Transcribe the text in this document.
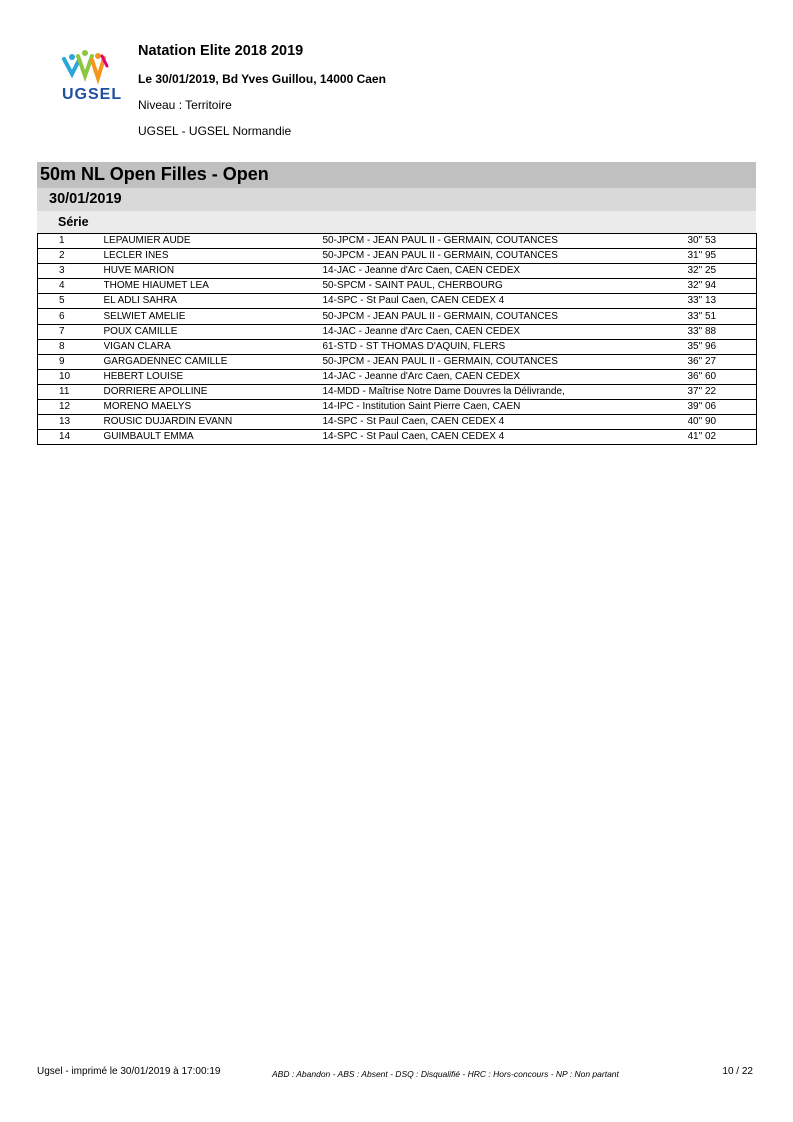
UGSEL
Natation Elite 2018 2019
Le 30/01/2019, Bd Yves Guillou, 14000 Caen
Niveau : Territoire
UGSEL - UGSEL Normandie
50m NL Open Filles - Open
30/01/2019
Série
1	LEPAUMIER AUDE	50-JPCM - JEAN PAUL II - GERMAIN, COUTANCES	30" 53
2	LECLER INES	50-JPCM - JEAN PAUL II - GERMAIN, COUTANCES	31" 95
3	HUVE MARION	14-JAC - Jeanne d'Arc Caen, CAEN CEDEX	32" 25
4	THOME HIAUMET LEA	50-SPCM - SAINT PAUL, CHERBOURG	32" 94
5	EL ADLI SAHRA	14-SPC - St Paul Caen, CAEN CEDEX 4	33" 13
6	SELWIET AMELIE	50-JPCM - JEAN PAUL II - GERMAIN, COUTANCES	33" 51
7	POUX CAMILLE	14-JAC - Jeanne d'Arc Caen, CAEN CEDEX	33" 88
8	VIGAN CLARA	61-STD - ST THOMAS D'AQUIN, FLERS	35" 96
9	GARGADENNEC CAMILLE	50-JPCM - JEAN PAUL II - GERMAIN, COUTANCES	36" 27
10	HEBERT LOUISE	14-JAC - Jeanne d'Arc Caen, CAEN CEDEX	36" 60
11	DORRIERE APOLLINE	14-MDD - Maîtrise Notre Dame Douvres la Délivrande,	37" 22
12	MORENO MAELYS	14-IPC - Institution Saint Pierre Caen, CAEN	39" 06
13	ROUSIC DUJARDIN EVANN	14-SPC - St Paul Caen, CAEN CEDEX 4	40" 90
14	GUIMBAULT EMMA	14-SPC - St Paul Caen, CAEN CEDEX 4	41" 02
Ugsel - imprimé le 30/01/2019 à 17:00:19	ABD : Abandon - ABS : Absent - DSQ : Disqualifié - HRC : Hors-concours - NP : Non partant	10 / 22
